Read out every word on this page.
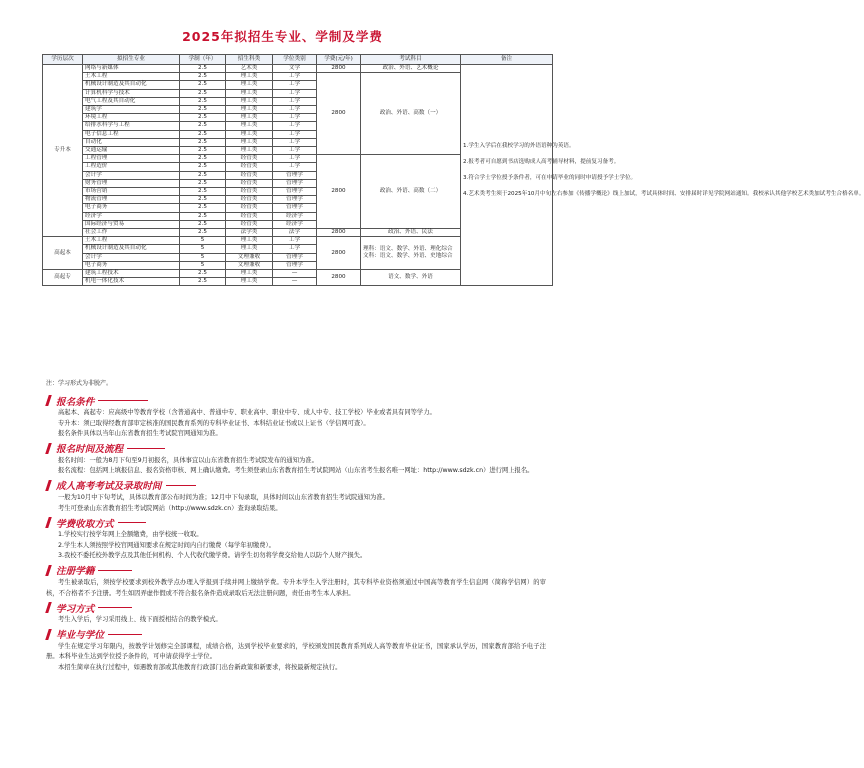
2025年拟招生专业、学制及学费
学历层次	拟招生专业	学制（年）	招生科类	学位类别	学费(元/年)	考试科目	备注
专升本	网络与新媒体	2.5	艺术类	文学	2800	政治、外语、艺术概论	1.学生入学后在我校学习的外语语种为英语。
2.报考者可自愿到书店选购成人高考辅导材料，提前复习备考。
3.符合学士学位授予条件者，可在申请毕业的同时申请授予学士学位。
4.艺术类考生须于2025年10月中旬左右参加《传播学概论》线上加试，考试具体时间、安排届时详见学院网站通知。我校承认其他学校艺术类加试考生合格名单。

	土木工程	2.5	理工类	工学	2800	政治、外语、高数（一）	
	机械设计制造及其自动化	2.5	理工类	工学			
	计算机科学与技术	2.5	理工类	工学			
	电气工程及其自动化	2.5	理工类	工学			
	建筑学	2.5	理工类	工学			
	环境工程	2.5	理工类	工学			
	给排水科学与工程	2.5	理工类	工学			
	电子信息工程	2.5	理工类	工学			
	自动化	2.5	理工类	工学			
	交通运输	2.5	理工类	工学			
	工程管理	2.5	经管类	工学	2800	政治、外语、高数（二）	
	工程造价	2.5	经管类	工学			
	会计学	2.5	经管类	管理学			
	财务管理	2.5	经管类	管理学			
	市场营销	2.5	经管类	管理学			
	物流管理	2.5	经管类	管理学			
	电子商务	2.5	经管类	管理学			
	经济学	2.5	经管类	经济学			
	国际经济与贸易	2.5	经管类	经济学			
	社会工作	2.5	法学类	法学	2800	政治、外语、民法	
高起本	土木工程	5	理工类	工学	2800	理科：语文、数学、外语、理化综合
文科：语文、数学、外语、史地综合	

	机械设计制造及其自动化	5	理工类	工学			
	会计学	5	文理兼收	管理学			
	电子商务	5	文理兼收	管理学			
高起专	建筑工程技术	2.5	理工类	—	2800	语文、数学、外语	
	机电一体化技术	2.5	理工类	—			
注：学习形式为非脱产。
报名条件

高起本、高起专：应高级中等教育学校（含普通高中、普通中专、职业高中、职业中专、成人中专、技工学校）毕业或者具有同等学力。

专升本：须已取得经教育部审定核准的国民教育系列的专科毕业证书、本科结业证书或以上证书（学信网可查）。

报名条件具体以当年山东省教育招生考试院官网通知为准。

报名时间及流程

报名时间：一般为8月下旬至9月初报名，具体事宜以山东省教育招生考试院发布的通知为准。

报名流程：包括网上填报信息、报名资格审核、网上确认缴费。考生须登录山东省教育招生考试院网站（山东省考生报名唯一网址：http://www.sdzk.cn）进行网上报名。

成人高考考试及录取时间

一般为10月中下旬考试，具体以教育部公布时间为准；12月中下旬录取，具体时间以山东省教育招生考试院通知为准。

考生可登录山东省教育招生考试院网站（http://www.sdzk.cn）查询录取结果。

学费收取方式

1.学校实行按学年网上全额缴费，由学校统一收取。

2.学生本人须按照学校官网通知要求在规定时间内自行缴费（每学年初缴费）。

3.我校不委托校外教学点及其他任何机构、个人代收代缴学费。请学生切勿将学费交给他人以防个人财产损失。

注册学籍

考生被录取后，须按学校要求到校外教学点办理入学报到手续并网上缴纳学费。专升本学生入学注册时，其专科毕业资格须通过中国高等教育学生信息网（简称学信网）的审核，不合格者不予注册。考生如因弄虚作假或不符合报名条件造成录取后无法注册问题，责任由考生本人承担。

学习方式

考生入学后，学习采用线上、线下面授相结合的教学模式。

毕业与学位

学生在规定学习年限内，按教学计划修完全部课程，成绩合格，达到学校毕业要求的，学校颁发国民教育系列成人高等教育毕业证书，国家承认学历，国家教育部给予电子注册。本科毕业生达到学位授予条件的，可申请获得学士学位。

本招生简章在执行过程中，如遇教育部或其他教育行政部门出台新政策和新要求，将按最新规定执行。
